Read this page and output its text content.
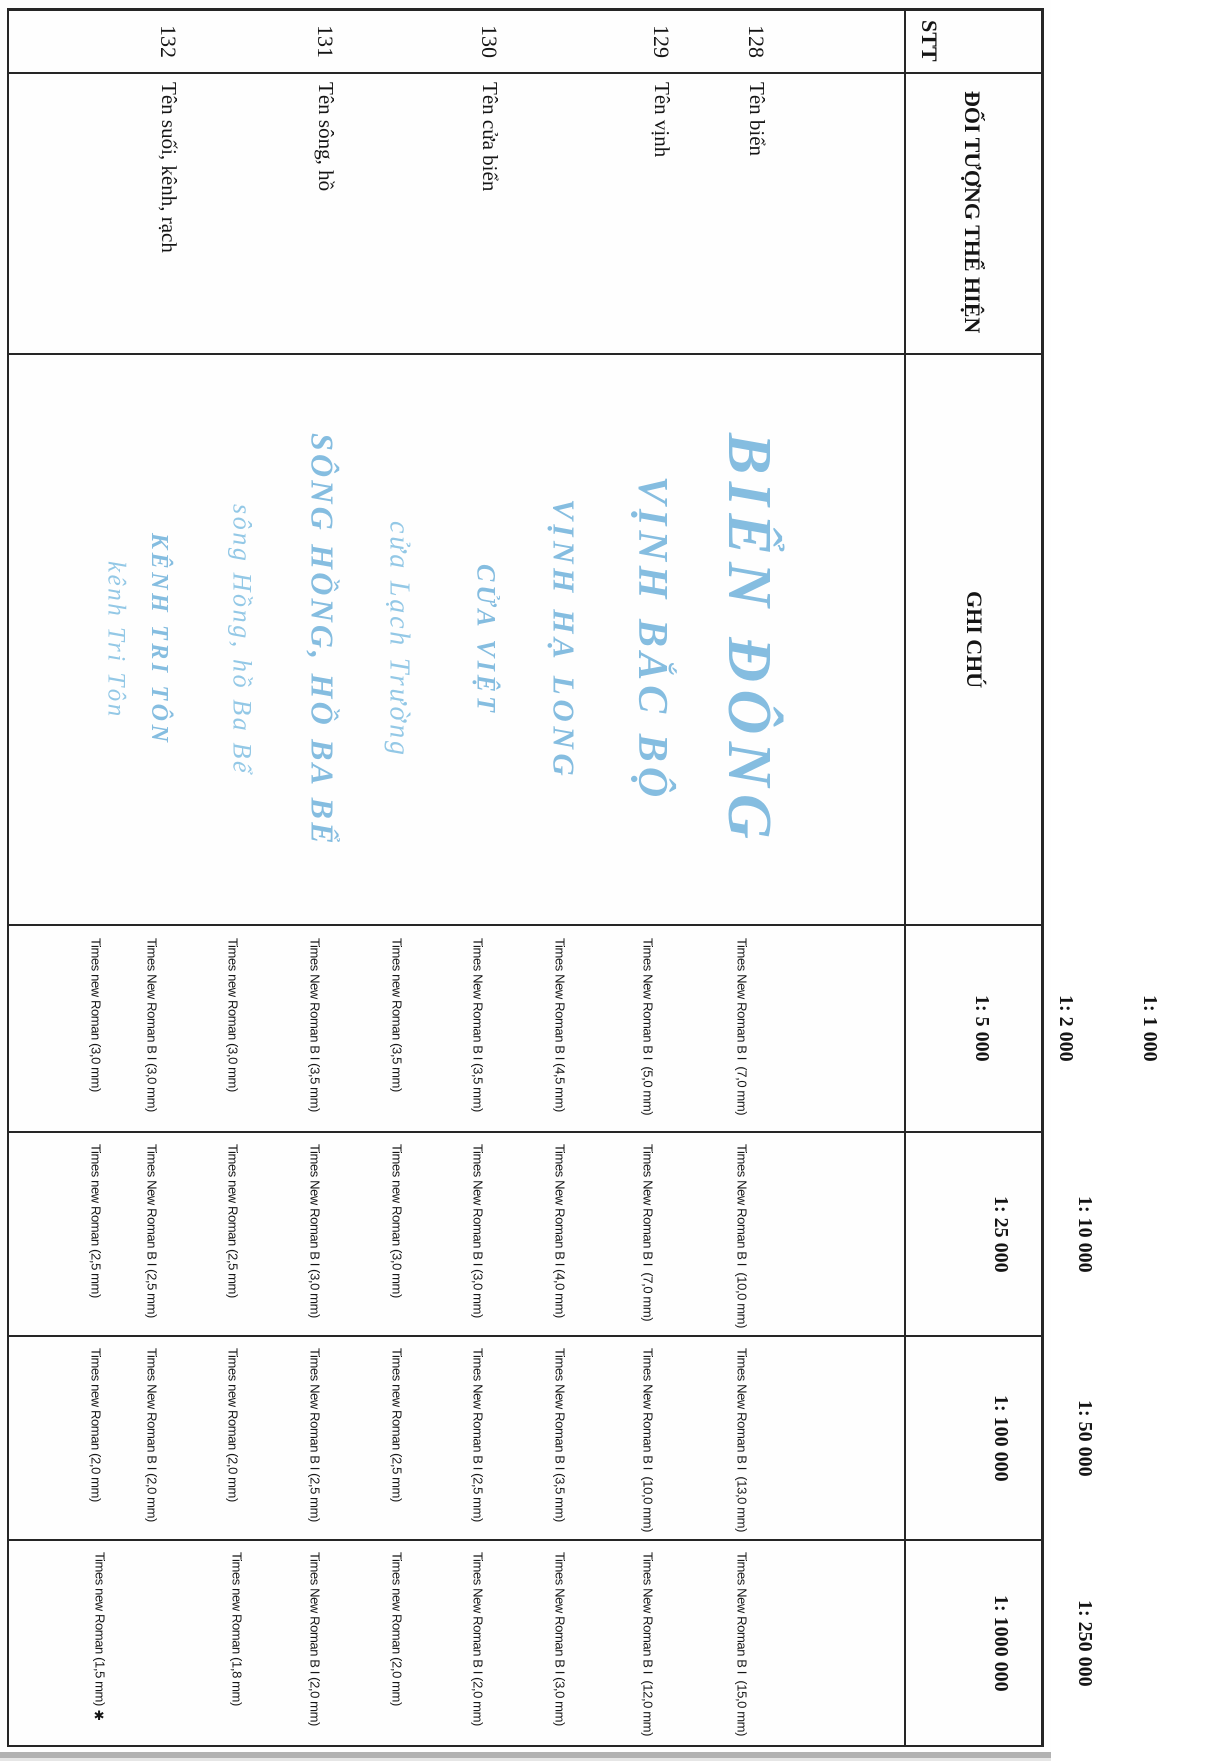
STT
ĐỐI TƯỢNG THỂ HIỆN
GHI CHÚ

1: 1 000

1: 2 000

1: 5 000

1: 10 000

1: 25 000

1: 50 000

1: 100 000

1: 250 000

1: 1000 000

128
129
130
131
132
Tên biển
Tên vịnh
Tên cửa biển
Tên sông, hồ
Tên suối, kênh, rạch
BIỂN ĐÔNG
VỊNH BẮC BỘ
VỊNH HẠ LONG
CỬA VIỆT
cửa Lạch Trường
SÔNG HỒNG, HỒ BA BỂ
sông Hồng, hồ Ba Bể
KÊNH TRI TÔN
kênh Tri Tôn
Times New Roman B I  (7,0 mm)
Times New Roman B I  (5,0 mm)
Times New Roman B I (4,5 mm)
Times New Roman B I (3,5 mm)
Times new Roman (3,5 mm)
Times New Roman B I (3,5 mm)
Times new Roman (3,0 mm)
Times New Roman B I (3,0 mm)
Times new Roman (3,0 mm)
Times New Roman B I  (10,0 mm)
Times New Roman B I  (7,0 mm)
Times New Roman B I (4,0 mm)
Times New Roman B I (3,0 mm)
Times new Roman (3,0 mm)
Times New Roman B I (3,0 mm)
Times new Roman (2,5 mm)
Times New Roman B I (2,5 mm)
Times new Roman (2,5 mm)
Times New Roman B I  (13,0 mm)
Times New Roman B I  (10,0 mm)
Times New Roman B I (3,5 mm)
Times New Roman B I (2,5 mm)
Times new Roman (2,5 mm)
Times New Roman B I (2,5 mm)
Times new Roman (2,0 mm)
Times New Roman B I (2,0 mm)
Times new Roman (2,0 mm)
Times New Roman B I  (15,0 mm)
Times New Roman B I  (12,0 mm)
Times New Roman B I (3,0 mm)
Times New Roman B I (2,0 mm)
Times new Roman (2,0 mm)
Times New Roman B I (2,0 mm)
Times new Roman (1,8 mm)
Times new Roman (1,5 mm) ✱
